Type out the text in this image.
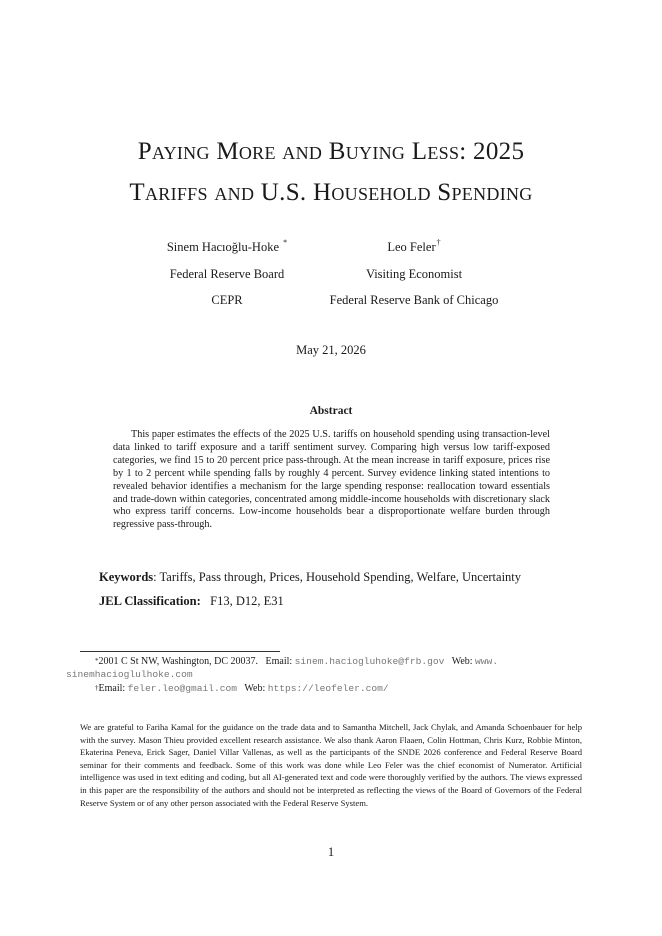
Paying More and Buying Less: 2025
Tariffs and U.S. Household Spending
Sinem Hacıoğlu-Hoke *	Leo Feler†
Federal Reserve Board	Visiting Economist
CEPR	Federal Reserve Bank of Chicago
May 21, 2026
Abstract
This paper estimates the effects of the 2025 U.S. tariffs on household spending using transaction-level data linked to tariff exposure and a tariff sentiment survey. Comparing high versus low tariff-exposed categories, we find 15 to 20 percent price pass-through. At the mean increase in tariff exposure, prices rise by 1 to 2 percent while spending falls by roughly 4 percent. Survey evidence linking stated intentions to revealed behavior identifies a mechanism for the large spending response: reallocation toward essentials and trade-down within categories, concentrated among middle-income households with discretionary slack who express tariff concerns. Low-income households bear a disproportionate welfare burden through regressive pass-through.
Keywords: Tariffs, Pass through, Prices, Household Spending, Welfare, Uncertainty
JEL Classification: F13, D12, E31
*2001 C St NW, Washington, DC 20037. Email: sinem.haciogluhoke@frb.gov Web: www.
sinemhacioglulhoke.com
†Email: feler.leo@gmail.com Web: https://leofeler.com/
We are grateful to Fariha Kamal for the guidance on the trade data and to Samantha Mitchell, Jack Chylak, and Amanda Schoenbauer for help with the survey. Mason Thieu provided excellent research assistance. We also thank Aaron Flaaen, Colin Hottman, Chris Kurz, Robbie Minton, Ekaterina Peneva, Erick Sager, Daniel Villar Vallenas, as well as the participants of the SNDE 2026 conference and Federal Reserve Board seminar for their comments and feedback. Some of this work was done while Leo Feler was the chief economist of Numerator. Artificial intelligence was used in text editing and coding, but all AI-generated text and code were thoroughly verified by the authors. The views expressed in this paper are the responsibility of the authors and should not be interpreted as reflecting the views of the Board of Governors of the Federal Reserve System or of any other person associated with the Federal Reserve System.
1
